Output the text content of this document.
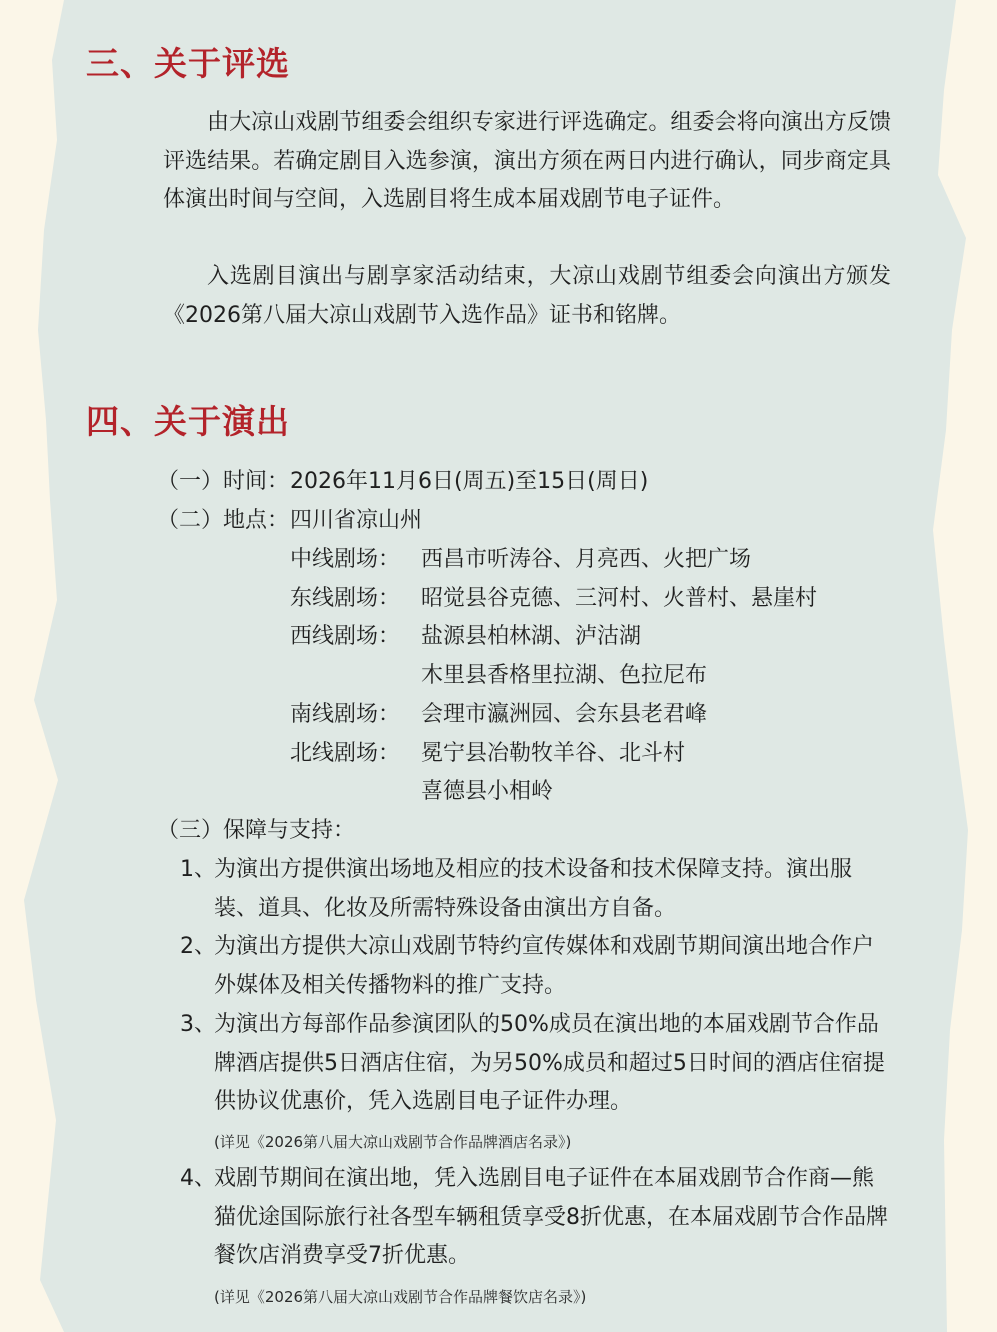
三、关于评选

由大凉山戏剧节组委会组织专家进行评选确定。组委会将向演出方反馈评选结果。若确定剧目入选参演，演出方须在两日内进行确认，同步商定具体演出时间与空间，入选剧目将生成本届戏剧节电子证件。

入选剧目演出与剧享家活动结束，大凉山戏剧节组委会向演出方颁发《2026第八届大凉山戏剧节入选作品》证书和铭牌。

四、关于演出
（一）时间： 2026年11月6日(周五)至15日(周日)
（二）地点： 四川省凉山州
中线剧场： 西昌市听涛谷、月亮西、火把广场
东线剧场： 昭觉县谷克德、三河村、火普村、悬崖村
西线剧场： 盐源县柏林湖、泸沽湖
木里县香格里拉湖、色拉尼布
南线剧场： 会理市瀛洲园、会东县老君峰
北线剧场： 冕宁县冶勒牧羊谷、北斗村
喜德县小相岭
（三）保障与支持：
1、

为演出方提供演出场地及相应的技术设备和技术保障支持。演出服装、道具、化妆及所需特殊设备由演出方自备。

2、

为演出方提供大凉山戏剧节特约宣传媒体和戏剧节期间演出地合作户外媒体及相关传播物料的推广支持。

3、

为演出方每部作品参演团队的50%成员在演出地的本届戏剧节合作品牌酒店提供5日酒店住宿，为另50%成员和超过5日时间的酒店住宿提供协议优惠价，凭入选剧目电子证件办理。

(详见《2026第八届大凉山戏剧节合作品牌酒店名录》)
4、

戏剧节期间在演出地，凭入选剧目电子证件在本届戏剧节合作商—熊猫优途国际旅行社各型车辆租赁享受8折优惠，在本届戏剧节合作品牌餐饮店消费享受7折优惠。

(详见《2026第八届大凉山戏剧节合作品牌餐饮店名录》)
